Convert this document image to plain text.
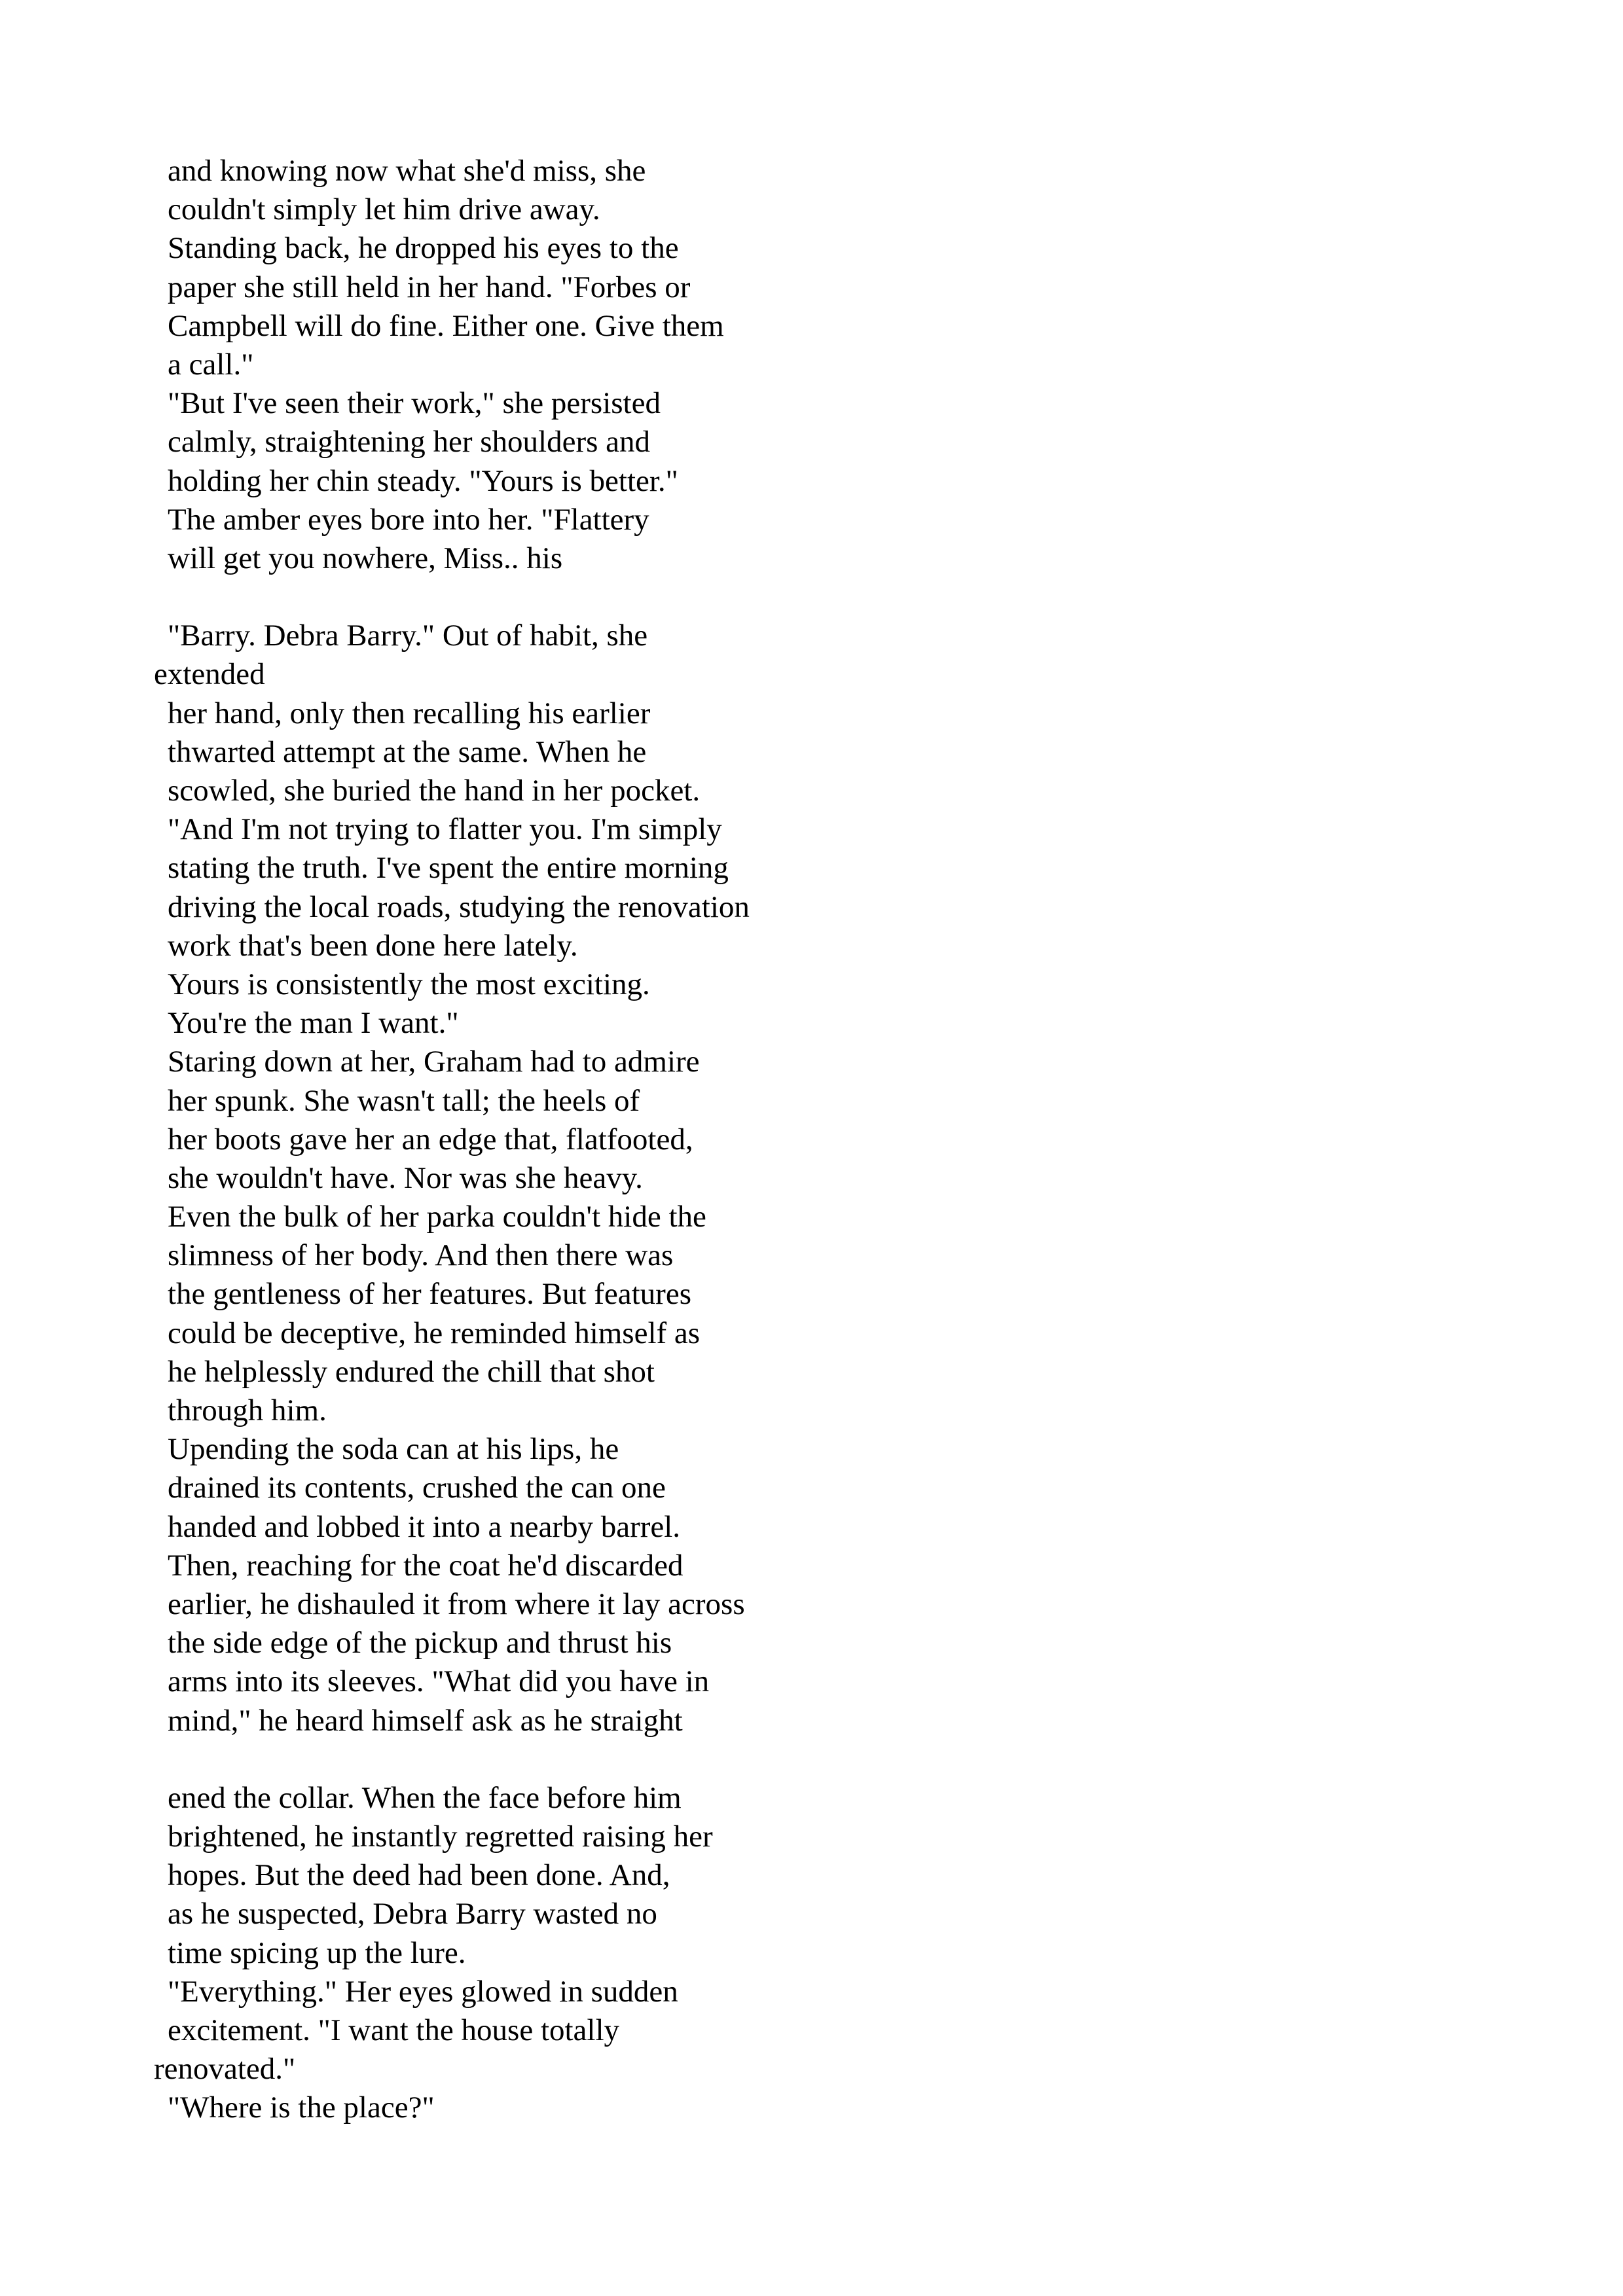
and knowing now what she'd miss, she
couldn't simply let him drive away.
Standing back, he dropped his eyes to the
paper she still held in her hand. "Forbes or
Campbell will do fine. Either one. Give them
a call."
"But I've seen their work," she persisted
calmly, straightening her shoulders and
holding her chin steady. "Yours is better."
The amber eyes bore into her. "Flattery
will get you nowhere, Miss.. his
"Barry. Debra Barry." Out of habit, she
extended
her hand, only then recalling his earlier
thwarted attempt at the same. When he
scowled, she buried the hand in her pocket.
"And I'm not trying to flatter you. I'm simply
stating the truth. I've spent the entire morning
driving the local roads, studying the renovation
work that's been done here lately.
Yours is consistently the most exciting.
You're the man I want."
Staring down at her, Graham had to admire
her spunk. She wasn't tall; the heels of
her boots gave her an edge that, flatfooted,
she wouldn't have. Nor was she heavy.
Even the bulk of her parka couldn't hide the
slimness of her body. And then there was
the gentleness of her features. But features
could be deceptive, he reminded himself as
he helplessly endured the chill that shot
through him.
Upending the soda can at his lips, he
drained its contents, crushed the can one
handed and lobbed it into a nearby barrel.
Then, reaching for the coat he'd discarded
earlier, he dishauled it from where it lay across
the side edge of the pickup and thrust his
arms into its sleeves. "What did you have in
mind," he heard himself ask as he straight
ened the collar. When the face before him
brightened, he instantly regretted raising her
hopes. But the deed had been done. And,
as he suspected, Debra Barry wasted no
time spicing up the lure.
"Everything." Her eyes glowed in sudden
excitement. "I want the house totally
renovated."
"Where is the place?"
